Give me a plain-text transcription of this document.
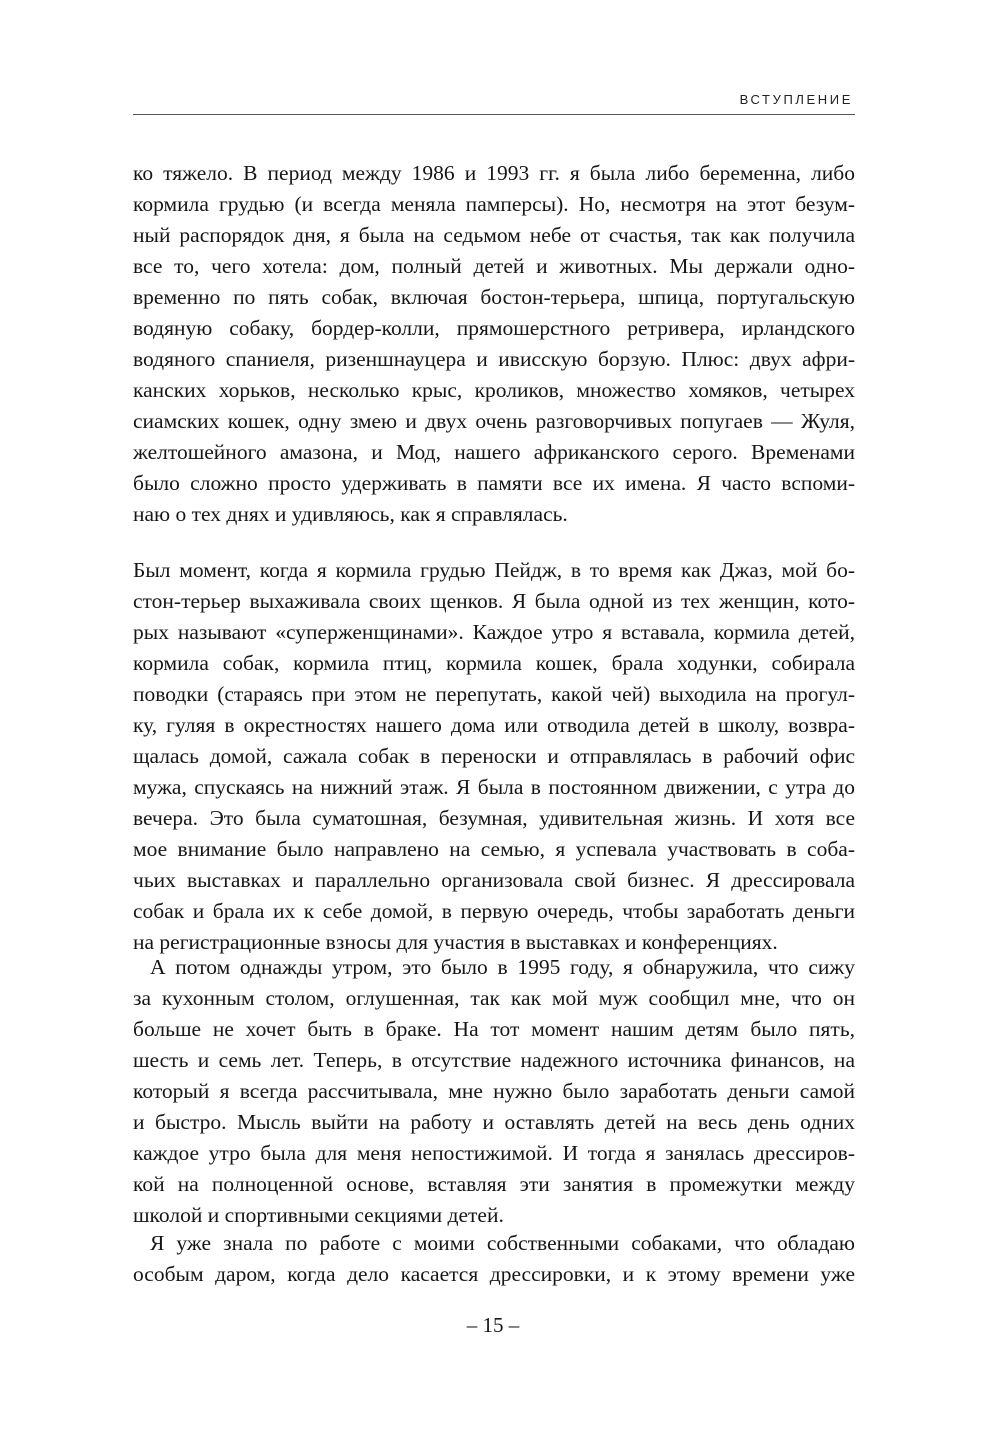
ВСТУПЛЕНИЕ
ко тяжело. В период между 1986 и 1993 гг. я была либо беременна, либо
кормила грудью (и всегда меняла памперсы). Но, несмотря на этот безум-
ный распорядок дня, я была на седьмом небе от счастья, так как получила
все то, чего хотела: дом, полный детей и животных. Мы держали одно-
временно по пять собак, включая бостон-терьера, шпица, португальскую
водяную собаку, бордер-колли, прямошерстного ретривера, ирландского
водяного спаниеля, ризеншнауцера и ивисскую борзую. Плюс: двух афри-
канских хорьков, несколько крыс, кроликов, множество хомяков, четырех
сиамских кошек, одну змею и двух очень разговорчивых попугаев — Жуля,
желтошейного амазона, и Мод, нашего африканского серого. Временами
было сложно просто удерживать в памяти все их имена. Я часто вспоми-
наю о тех днях и удивляюсь, как я справлялась.
Был момент, когда я кормила грудью Пейдж, в то время как Джаз, мой бо-
стон-терьер выхаживала своих щенков. Я была одной из тех женщин, кото-
рых называют «суперженщинами». Каждое утро я вставала, кормила детей,
кормила собак, кормила птиц, кормила кошек, брала ходунки, собирала
поводки (стараясь при этом не перепутать, какой чей) выходила на прогул-
ку, гуляя в окрестностях нашего дома или отводила детей в школу, возвра-
щалась домой, сажала собак в переноски и отправлялась в рабочий офис
мужа, спускаясь на нижний этаж. Я была в постоянном движении, с утра до
вечера. Это была суматошная, безумная, удивительная жизнь. И хотя все
мое внимание было направлено на семью, я успевала участвовать в соба-
чьих выставках и параллельно организовала свой бизнес. Я дрессировала
собак и брала их к себе домой, в первую очередь, чтобы заработать деньги
на регистрационные взносы для участия в выставках и конференциях.
А потом однажды утром, это было в 1995 году, я обнаружила, что сижу
за кухонным столом, оглушенная, так как мой муж сообщил мне, что он
больше не хочет быть в браке. На тот момент нашим детям было пять,
шесть и семь лет. Теперь, в отсутствие надежного источника финансов, на
который я всегда рассчитывала, мне нужно было заработать деньги самой
и быстро. Мысль выйти на работу и оставлять детей на весь день одних
каждое утро была для меня непостижимой. И тогда я занялась дрессиров-
кой на полноценной основе, вставляя эти занятия в промежутки между
школой и спортивными секциями детей.
Я уже знала по работе с моими собственными собаками, что обладаю
особым даром, когда дело касается дрессировки, и к этому времени уже
– 15 –
